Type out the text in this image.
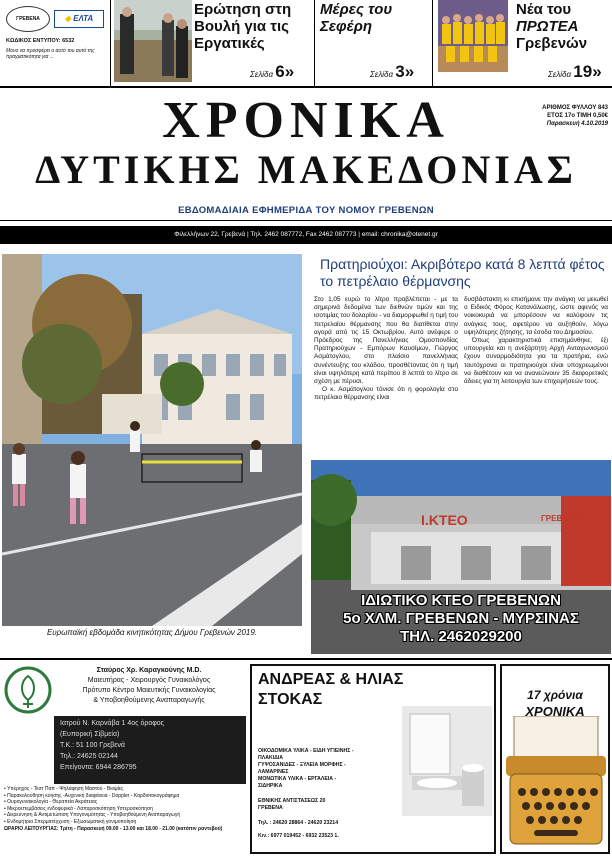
ΓΡΕΒΕΝΑ	◆ ΕΛΤΑ
ΚΩΔΙΚΟΣ ΕΝΤΥΠΟΥ: 6532
Μόνο να προσφέρει ο αυτό του αυτό της πραγματικότητα για ...
Ερώτηση στη Βουλή για τις Εργατικές
Σελίδα 6»
Μέρες του Σεφέρη
Σελίδα 3»
Νέα του
ΠΡΩΤΕΑ
Γρεβενών
Σελίδα 19»
ΧΡΟΝΙΚΑ
ΔΥΤΙΚΗΣ ΜΑΚΕΔΟΝΙΑΣ
ΑΡΙΘΜΟΣ ΦΥΛΛΟΥ 843
ΕΤΟΣ 17ο ΤΙΜΗ 0,50€
Παρασκευή 4.10.2019
ΕΒΔΟΜΑΔΙΑΙΑ ΕΦΗΜΕΡΙΔΑ ΤΟΥ ΝΟΜΟΥ ΓΡΕΒΕΝΩΝ
Φιλελλήνων 22, Γρεβενά | Τηλ. 2462 087772, Fax 2462 087773 | email: chronika@otenet.gr
Ευρωπαϊκή εβδομάδα κινητικότητας Δήμου Γρεβενών 2019.
Πρατηριούχοι: Ακριβότερο κατά 8 λεπτά φέτος το πετρέλαιο θέρμανσης

Στο 1,05 ευρώ το λίτρο προβλέπεται - με τα σημερινά δεδομένα των διεθνών τιμών και της ισοτιμίας του δολαρίου - να διαμορφωθεί η τιμή του πετρελαίου θέρμανσης που θα διατίθεται στην αγορά από τις 15 Οκτωβρίου. Αυτό ανέφερε ο Πρόεδρος της Πανελλήνιας Ομοσπονδίας Πρατηριούχων - Εμπόρων Καυσίμων, Γιώργος Ασμάτογλου, στο πλαίσιο πανελλήνιας συνέντευξης του κλάδου, προσθέτοντας ότι η τιμή είναι υψηλότερη κατά περίπου 8 λεπτά το λίτρο σε σχέση με πέρυσι.

Ο κ. Ασμάτογλου τόνισε ότι η φορολογία στο πετρέλαιο θέρμανσης είναι

δυσβάστακτη κι επισήμανε την ανάγκη να μειωθεί ο Ειδικός Φόρος Κατανάλωσης, ώστε αφενός να νοικοκυριά να μπορέσουν να καλύψουν τις ανάγκες τους, αφετέρου να αυξηθούν, λόγω υψηλότερης ζήτησης, τα έσοδα του Δημοσίου.

Όπως χαρακτηριστικά επισημάνθηκε, έξι υπουργεία και η ανεξάρτητη Αρχή Ανταγωνισμού έχουν συναρμοδιότητα για τα πρατήρια, ενώ ταυτόχρονα οι πρατηριούχοι είναι υποχρεωμένοι να διαθέτουν και να ανανεώνουν 35 διαφορετικές άδειες για τη λειτουργία των επιχειρήσεών τους.

Ι.ΚΤΕΟ	ΓΡΕΒΕΝΩΝ
ΙΔΙΩΤΙΚΟ ΚΤΕΟ ΓΡΕΒΕΝΩΝ
5ο ΧΛΜ. ΓΡΕΒΕΝΩΝ - ΜΥΡΣΙΝΑΣ
ΤΗΛ. 2462029200
Σταύρος Χρ. Καραγκούνης M.D.
Μαιευτήρας - Χειρουργός Γυναικολόγος
Πρότυπο Κέντρο Μαιευτικής Γυναικολογίας
& Υποβοηθούμενης Αναπαραγωγής
Ιατρού Ν. Καρνάβα 1 4ος όροφος
(Ευπορική Σίβμεία)
Τ.Κ.: 51 100 Γρεβενά
Τηλ.: 24625 02144
Επείγοντα: 6944 286795
• Υπέρηχος - Τέστ Παπ - Ψηλάφηση Μαστού - Βιοψίες
• Παρακολούθηση κύησης -Αυχενική διαφάνεια - Doppler - Καρδιοτοκογράφημα
• Ουρογυναικολογία - Θεραπεία Ακράτειας
• Μικροεπεμβάσεις ενδοφυρικά - Λαπαροσκόπηση Υστεροσκόπηση
• Διερεύνηση & Αντιμετώπιση Υπογονιμότητας - Υποβοηθούμενη Αναπαραγωγή
• Ενδομήτρια Σπερματέγχυση - Εξωσωματική γονιμοποίηση
ΩΡΑΡΙΟ ΛΕΙΤΟΥΡΓΙΑΣ: Τρίτη - Παρασκευή 09.00 - 13.00 και 18.00 - 21.00 (κατόπιν ραντεβού)
ΑΝΔΡΕΑΣ & ΗΛΙΑΣ
ΣΤΟΚΑΣ
ΟΙΚΟΔΟΜΙΚΑ ΥΛΙΚΑ - ΕΙΔΗ ΥΓΙΕΙΝΗΣ -
ΠΛΑΚΙΔΙΑ
ΓΥΨΟΣΑΝΙΔΕΣ - ΞΥΛΕΙΑ ΜΟΡΦΗΣ -
ΛΑΜΑΡΙΝΕΣ
ΜΟΝΩΤΙΚΑ ΥΛΙΚΑ - ΕΡΓΑΛΕΙΑ -
ΣΙΔΗΡΙΚΑ
ΕΘΝΙΚΗΣ ΑΝΤΙΣΤΑΣΕΩΣ 20
ΓΡΕΒΕΝΑ
Τηλ. : 24620 28864 - 24620 23214
Κιν.: 6977 019452 - 6932 23523 1.
17 χρόνια
ΧΡΟΝΙΚΑ
